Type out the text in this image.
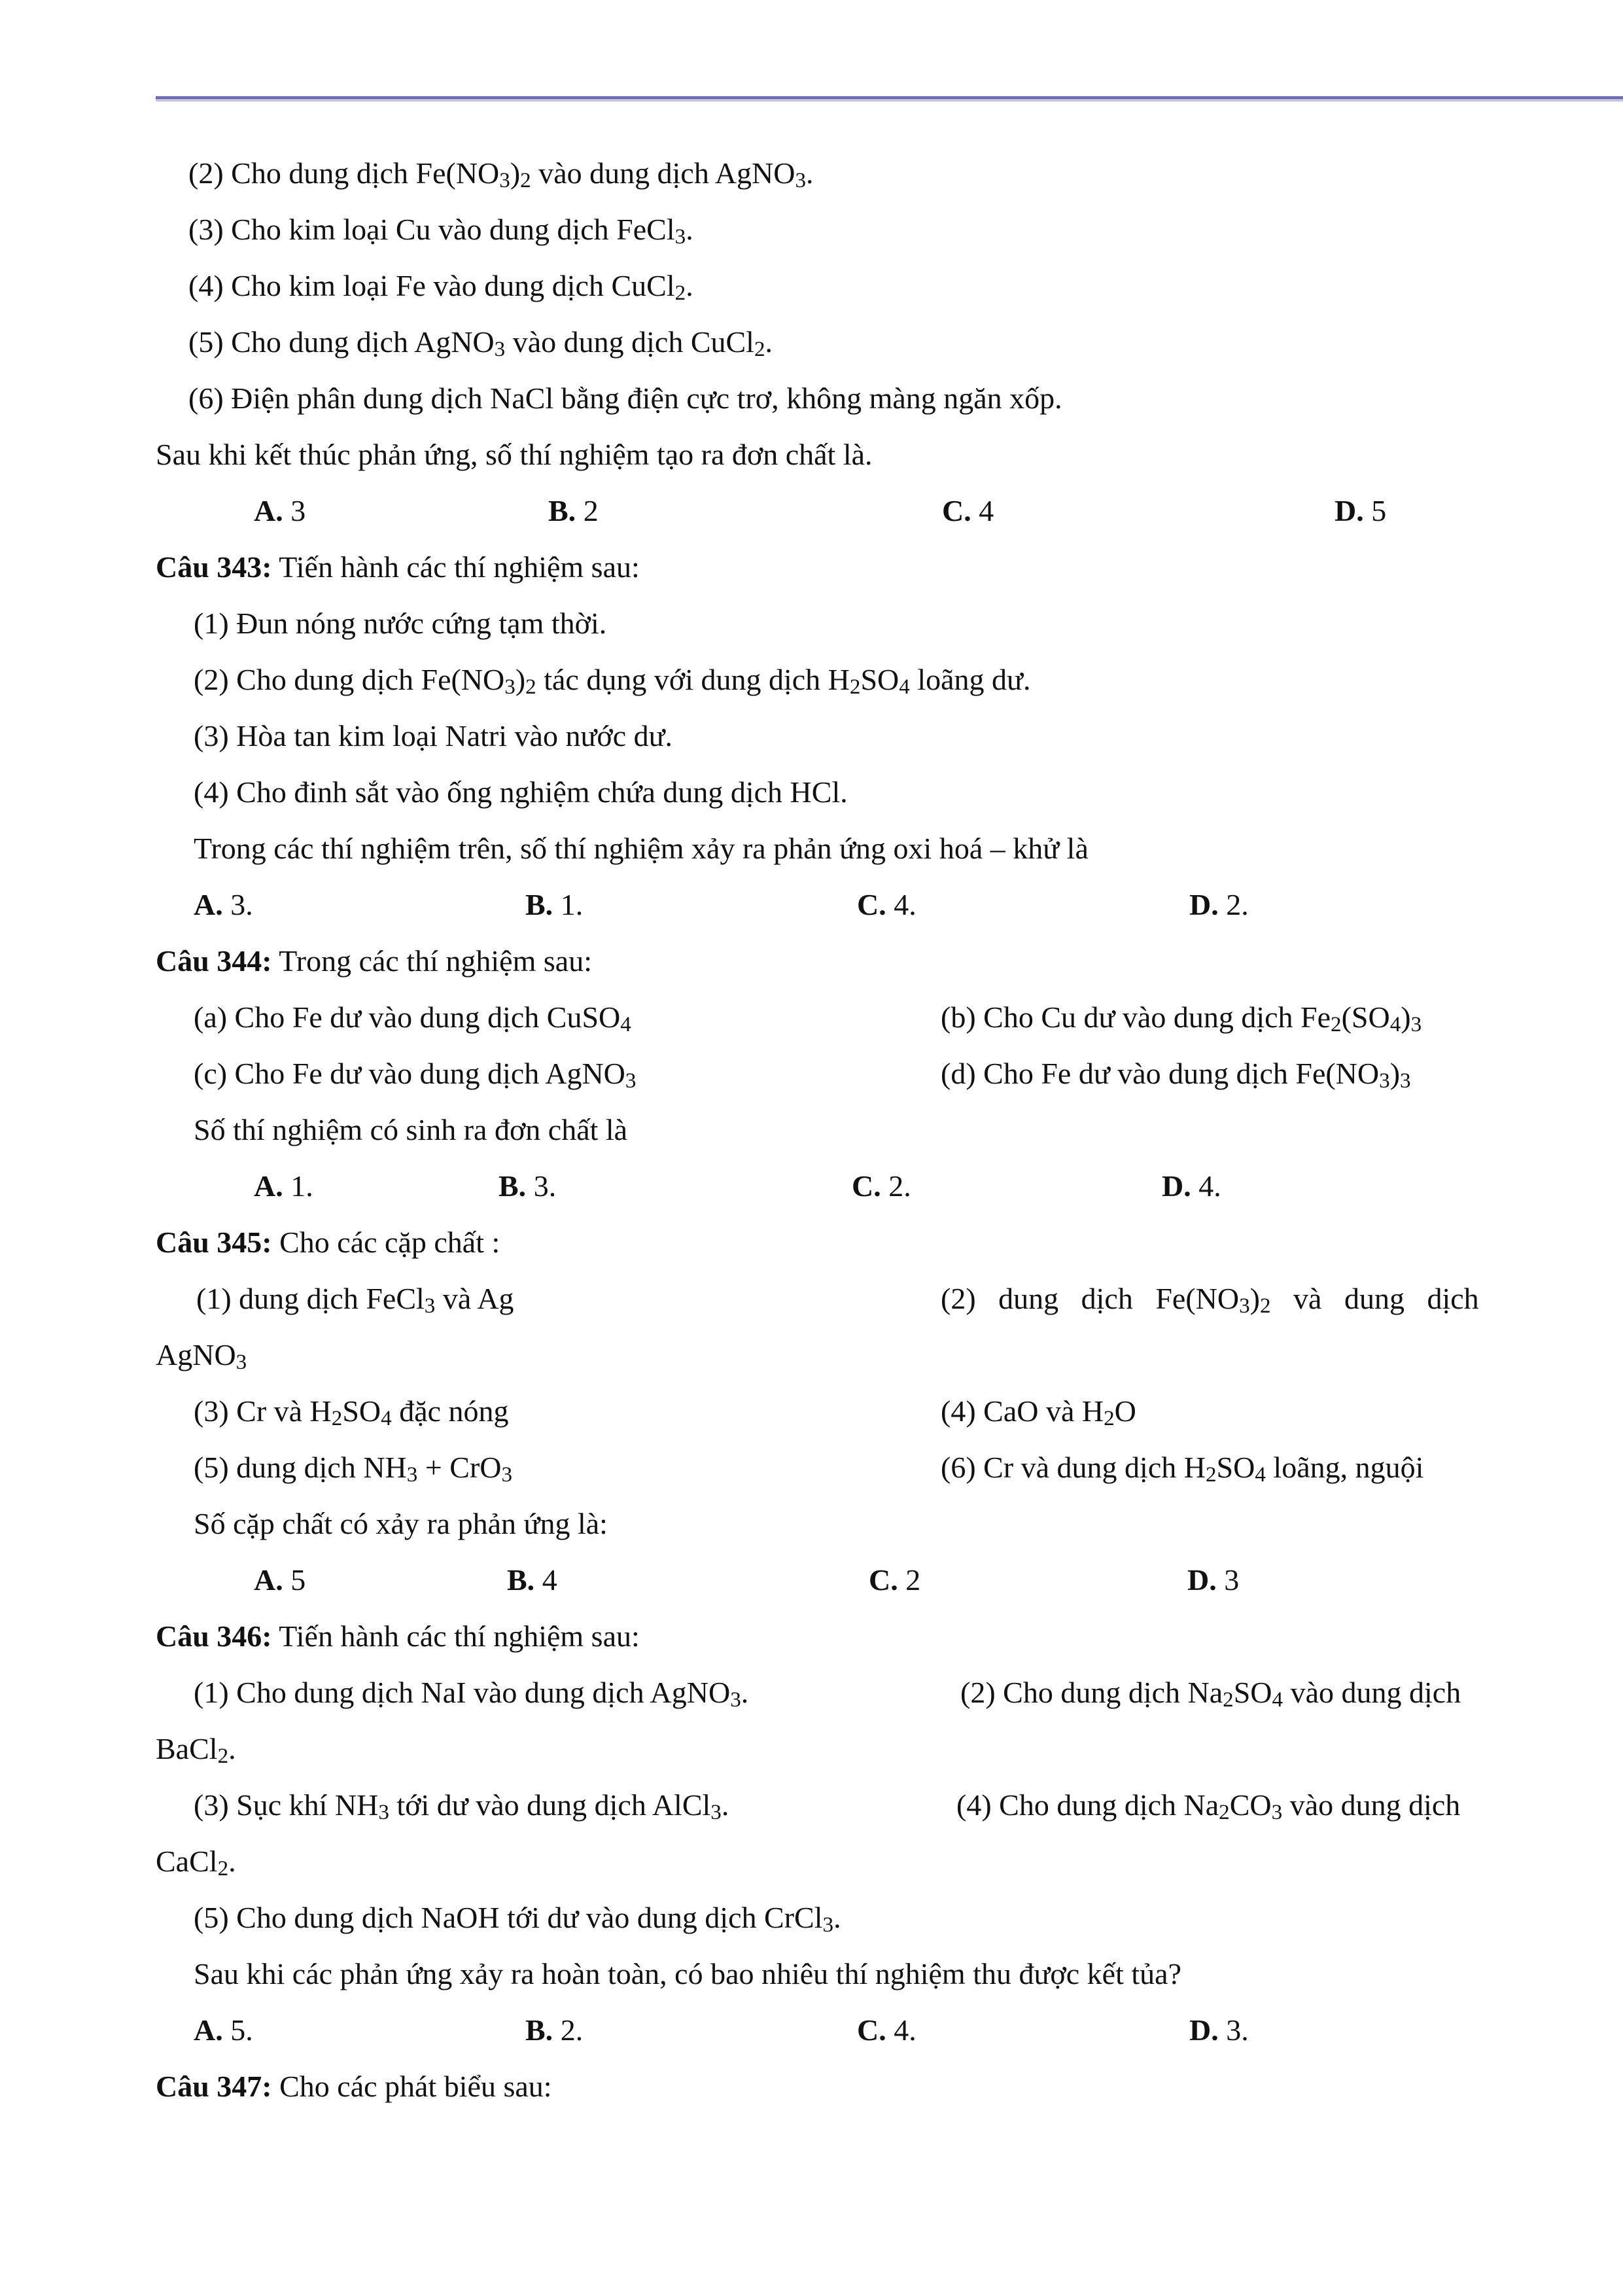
(2) Cho dung dịch $Fe(NO_3)_2$ vào dung dịch AgNO$_3$.
(3) Cho kim loại Cu vào dung dịch FeCl$_3$.
(4) Cho kim loại Fe vào dung dịch CuCl$_2$.
(5) Cho dung dịch AgNO$_3$ vào dung dịch CuCl$_2$.
(6) Điện phân dung dịch NaCl bằng điện cực trơ, không màng ngăn xốp.
Sau khi kết thúc phản ứng, số thí nghiệm tạo ra đơn chất là.
A. 3	B. 2	C. 4	D. 5
Câu 343: Tiến hành các thí nghiệm sau:
(1) Đun nóng nước cứng tạm thời.
(2) Cho dung dịch $Fe(NO_3)_2$ tác dụng với dung dịch $H_2SO_4$ loãng dư.
(3) Hòa tan kim loại Natri vào nước dư.
(4) Cho đinh sắt vào ống nghiệm chứa dung dịch HCl.
Trong các thí nghiệm trên, số thí nghiệm xảy ra phản ứng oxi hoá – khử là
A. 3.	B. 1.	C. 4.	D. 2.
Câu 344: Trong các thí nghiệm sau:
(a) Cho Fe dư vào dung dịch CuSO$_4$	(b) Cho Cu dư vào dung dịch $Fe_2(SO_4)_3$
(c) Cho Fe dư vào dung dịch AgNO$_3$	(d) Cho Fe dư vào dung dịch $Fe(NO_3)_3$
Số thí nghiệm có sinh ra đơn chất là
A. 1.	B. 3.	C. 2.	D. 4.
Câu 345: Cho các cặp chất :
(1) dung dịch FeCl$_3$ và Ag	(2)   dung   dịch   $Fe(NO_3)_2$   và   dung   dịch
AgNO$_3$
(3) Cr và $H_2SO_4$ đặc nóng	(4) CaO và $H_2O$
(5) dung dịch $NH_3 + CrO_3$	(6) Cr và dung dịch $H_2SO_4$ loãng, nguội
Số cặp chất có xảy ra phản ứng là:
A. 5	B. 4	C. 2	D. 3
Câu 346: Tiến hành các thí nghiệm sau:
(1) Cho dung dịch NaI vào dung dịch AgNO$_3$.	(2) Cho dung dịch $Na_2SO_4$ vào dung dịch
BaCl$_2$.
(3) Sục khí $NH_3$ tới dư vào dung dịch AlCl$_3$.	(4) Cho dung dịch $Na_2CO_3$ vào dung dịch
CaCl$_2$.
(5) Cho dung dịch NaOH tới dư vào dung dịch CrCl$_3$.
Sau khi các phản ứng xảy ra hoàn toàn, có bao nhiêu thí nghiệm thu được kết tủa?
A. 5.	B. 2.	C. 4.	D. 3.
Câu 347: Cho các phát biểu sau:
